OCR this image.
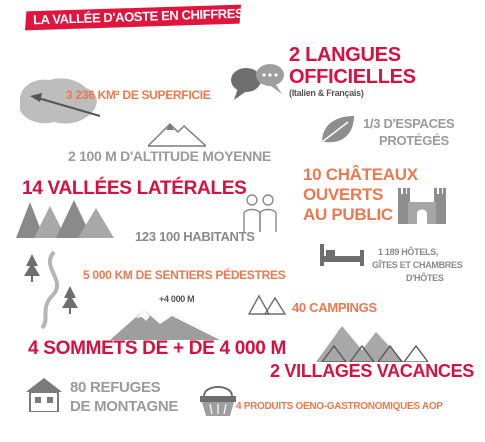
LA VALLÉE D'AOSTE EN CHIFFRES
3 236 KM² DE SUPERFICIE
2 LANGUES
OFFICIELLES
(Italien & Français)
1/3 D'ESPACES
PROTÉGÉS
2 100 M D'ALTITUDE MOYENNE
14 VALLÉES LATÉRALES
123 100 HABITANTS
10 CHÂTEAUX
OUVERTS
AU PUBLIC
1 189 HÔTELS,
GÎTES ET CHAMBRES
D'HÔTES
5 000 KM DE SENTIERS PÉDESTRES
+4 000 M
40 CAMPINGS
4 SOMMETS DE + DE 4 000 M
2 VILLAGES VACANCES
80 REFUGES
DE MONTAGNE	4 PRODUITS OENO-GASTRONOMIQUES AOP
